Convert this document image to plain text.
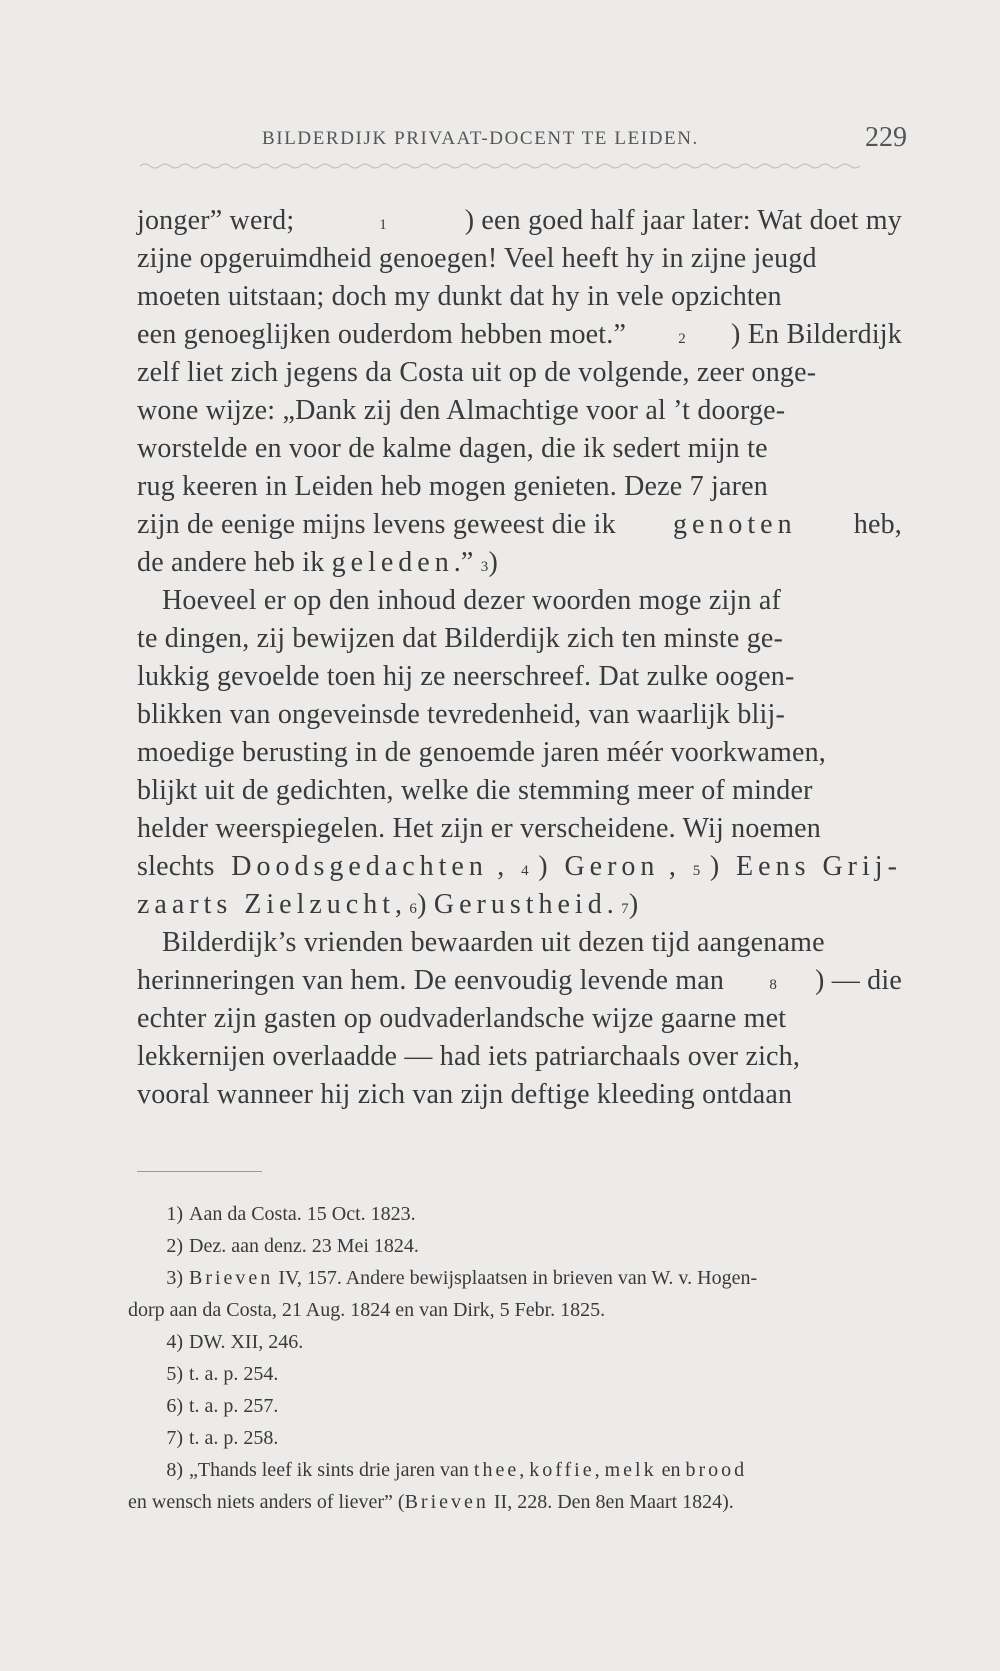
BILDERDIJK PRIVAAT-DOCENT TE LEIDEN.	229
jonger” werd;	1	) een goed half jaar later: Wat doet my
zijne opgeruimdheid genoegen! Veel heeft hy in zijne jeugd
moeten uitstaan; doch my dunkt dat hy in vele opzichten
een genoeglijken ouderdom hebben moet.”	2 ) En Bilderdijk
zelf liet zich jegens da Costa uit op de volgende, zeer onge-
wone wijze: „Dank zij den Almachtige voor al ’t doorge-
worstelde en voor de kalme dagen, die ik sedert mijn te
rug keeren in Leiden heb mogen genieten. Deze 7 jaren
zijn de eenige mijns levens geweest die ik genoten heb,
de andere heb ik geleden .” 3 )
Hoeveel er op den inhoud dezer woorden moge zijn af
te dingen, zij bewijzen dat Bilderdijk zich ten minste ge-
lukkig gevoelde toen hij ze neerschreef. Dat zulke oogen-
blikken van ongeveinsde tevredenheid, van waarlijk blij-
moedige berusting in de genoemde jaren méér voorkwamen,
blijkt uit de gedichten, welke die stemming meer of minder
helder weerspiegelen. Het zijn er verscheidene. Wij noemen
slechts Doodsgedachten , 4 ) Geron , 5 ) Eens Grij-
zaarts Zielzucht , 6 ) Gerustheid . 7 )
Bilderdijk’s vrienden bewaarden uit dezen tijd aangename
herinneringen van hem. De eenvoudig levende man	8 ) — die
echter zijn gasten op oudvaderlandsche wijze gaarne met
lekkernijen overlaadde — had iets patriarchaals over zich,
vooral wanneer hij zich van zijn deftige kleeding ontdaan
1) Aan da Costa. 15 Oct. 1823.
2) Dez. aan denz. 23 Mei 1824.
3) Brieven IV, 157. Andere bewijsplaatsen in brieven van W. v. Hogen-
dorp aan da Costa, 21 Aug. 1824 en van Dirk, 5 Febr. 1825.
4) DW. XII, 246.
5) t. a. p. 254.
6) t. a. p. 257.
7) t. a. p. 258.
8) „Thands leef ik sints drie jaren van thee, koffie, melk en brood
en wensch niets anders of liever” (Brieven II, 228. Den 8en Maart 1824).
